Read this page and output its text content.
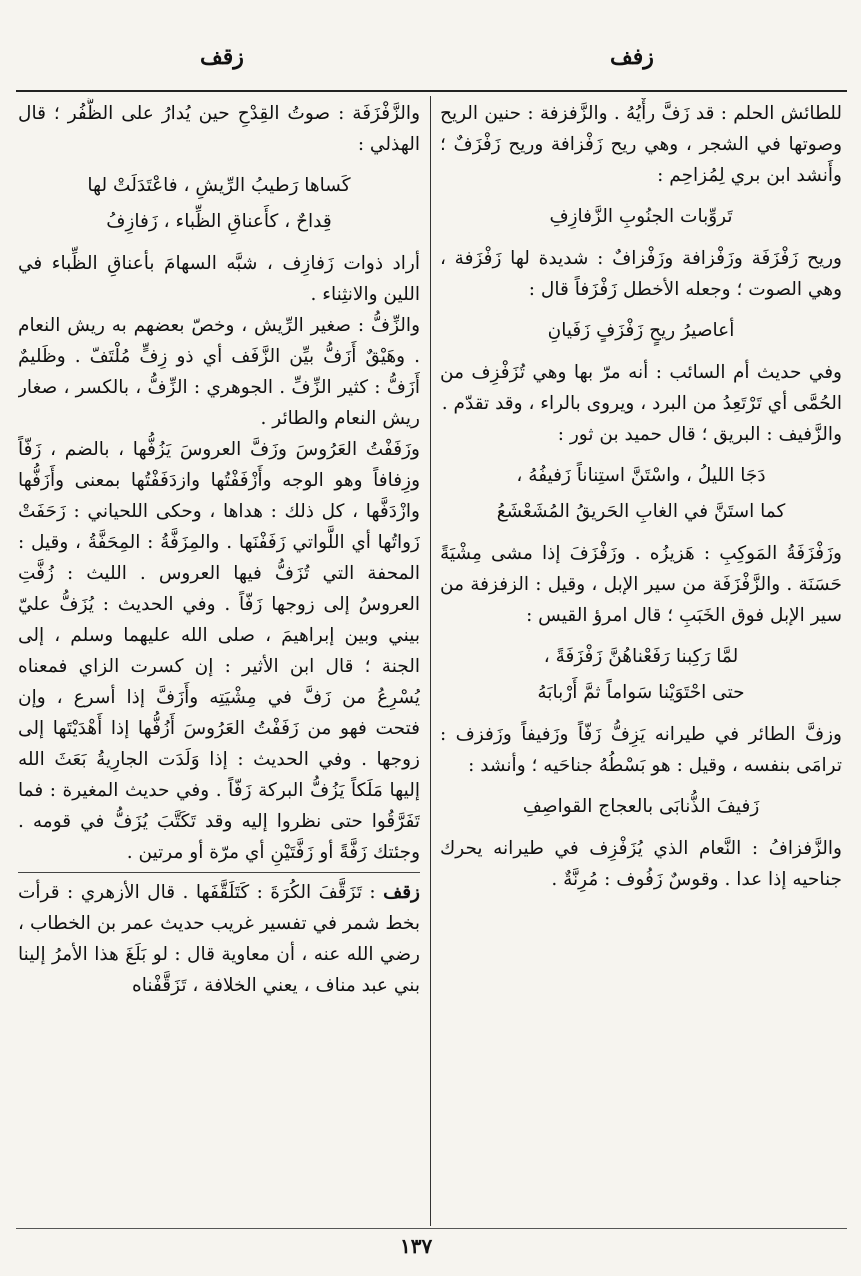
زقف	زفف

للطائش الحلم : قد زَفَّ رأْيُهُ . والزَّفزفة : حنين الريح وصوتها في الشجر ، وهي ريح زَفْزافة وريح زَفْزَفٌ ؛ وأَنشد ابن بري لِمُزاحِم :

تَروِّبات الجنُوبِ الزَّفازِفِ

وريح زَفْزَفَة وزَفْزافة وزَفْزافٌ : شديدة لها زَفْزَفة ، وهي الصوت ؛ وجعله الأخطل زَفْزَفاً قال :

أعاصيرُ ريحٍ زَفْزَفٍ زَفَيانِ

وفي حديث أم السائب : أنه مرّ بها وهي تُزَفْزِف من الحُمَّى أي تَرْتَعِدُ من البرد ، ويروى بالراء ، وقد تقدّم .

والزَّفيف : البريق ؛ قال حميد بن ثور :

دَجَا الليلُ ، واسْتَنَّ استِناناً زَفيفُهُ ،
كما استَنَّ في الغابِ الحَريقُ المُشَعْشَعُ

وزَفْزَفَةُ المَوكِبِ : هَزيزُه . وزَفْزَفَ إذا مشى مِشْيَةً حَسَنَة . والزَّفْزَفَة من سير الإبل ، وقيل : الزفزفة من سير الإبل فوق الخَبَبِ ؛ قال امرؤ القيس :

لمَّا رَكِبنا رَفَعْناهُنَّ زَفْزَفَةً ،
حتى احْتَوَيْنا سَواماً ثمَّ أَرْبابَهُ

وزفَّ الطائر في طيرانه يَزِفُّ زَفّاً وزَفيفاً وزَفزف : ترامَى بنفسه ، وقيل : هو بَسْطُهُ جناحَيه ؛ وأنشد :

زَفيفَ الذُّنابَى بالعجاج القواصِفِ

والزَّفزافُ : النَّعام الذي يُزَفْزِف في طيرانه يحرك جناحيه إذا عدا . وقوسٌ زَفُوف : مُرِنَّةٌ .

والزَّفْزَفَة : صوتُ القِدْحِ حين يُدارُ على الظُّفُر ؛ قال الهذلي :

كَساها رَطيبُ الرِّيشِ ، فاعْتَدَلَتْ لها
قِداحٌ ، كأَعناقِ الظِّباء ، زَفازِفُ

أراد ذوات زَفازِف ، شبَّه السهامَ بأعناقِ الظِّباء في اللين والانثِناء .

والزِّفُّ : صغير الرِّيش ، وخصّ بعضهم به ريش النعام . وهَيْقٌ أَزَفُّ بيِّن الزَّفَف أي ذو زِفٍّ مُلْتَفّ . وظَليمٌ أَزَفُّ : كثير الزِّفِّ . الجوهري : الزِّفُّ ، بالكسر ، صغار ريش النعام والطائر .

وزَفَفْتُ العَرُوسَ وزَفَّ العروسَ يَزُفُّها ، بالضم ، زَفّاً وزِفافاً وهو الوجه وأَزْفَفْتُها وازدَفَفْتُها بمعنى وأَزَفُّها وازْدَفَّها ، كل ذلك : هداها ، وحكى اللحياني : زَحَفَتْ زَواتُها أي اللَّواتي زَفَفْنَها . والمِزَفَّةُ : المِحَفَّةُ ، وقيل : المحفة التي تُزَفُّ فيها العروس . الليث : زُفَّتِ العروسُ إلى زوجها زَفّاً . وفي الحديث : يُزَفُّ عليّ بيني وبين إبراهيمَ ، صلى الله عليهما وسلم ، إلى الجنة ؛ قال ابن الأثير : إن كسرت الزاي فمعناه يُسْرِعُ من زَفَّ في مِشْيَتِه وأَزَفَّ إذا أسرع ، وإن فتحت فهو من زَفَفْتُ العَرُوسَ أَزُفُّها إذا أَهْدَيْتَها إلى زوجها . وفي الحديث : إذا وَلَدَت الجارِيةُ بَعَثَ الله إليها مَلَكاً يَزُفُّ البركة زَفّاً . وفي حديث المغيرة : فما تَفَرَّقُوا حتى نظروا إليه وقد تَكَتَّبَ يُزَفُّ في قومه . وجئتك زَفَّةً أو زَفَّتَيْنِ أي مرّة أو مرتين .

زقف : تَزَقَّفَ الكُرَةَ : كَتَلَقَّفَها . قال الأزهري : قرأت بخط شمر في تفسير غريب حديث عمر بن الخطاب ، رضي الله عنه ، أن معاوية قال : لو بَلَغَ هذا الأمرُ إلينا بني عبد مناف ، يعني الخلافة ، تَزَقَّفْناه

١٣٧
